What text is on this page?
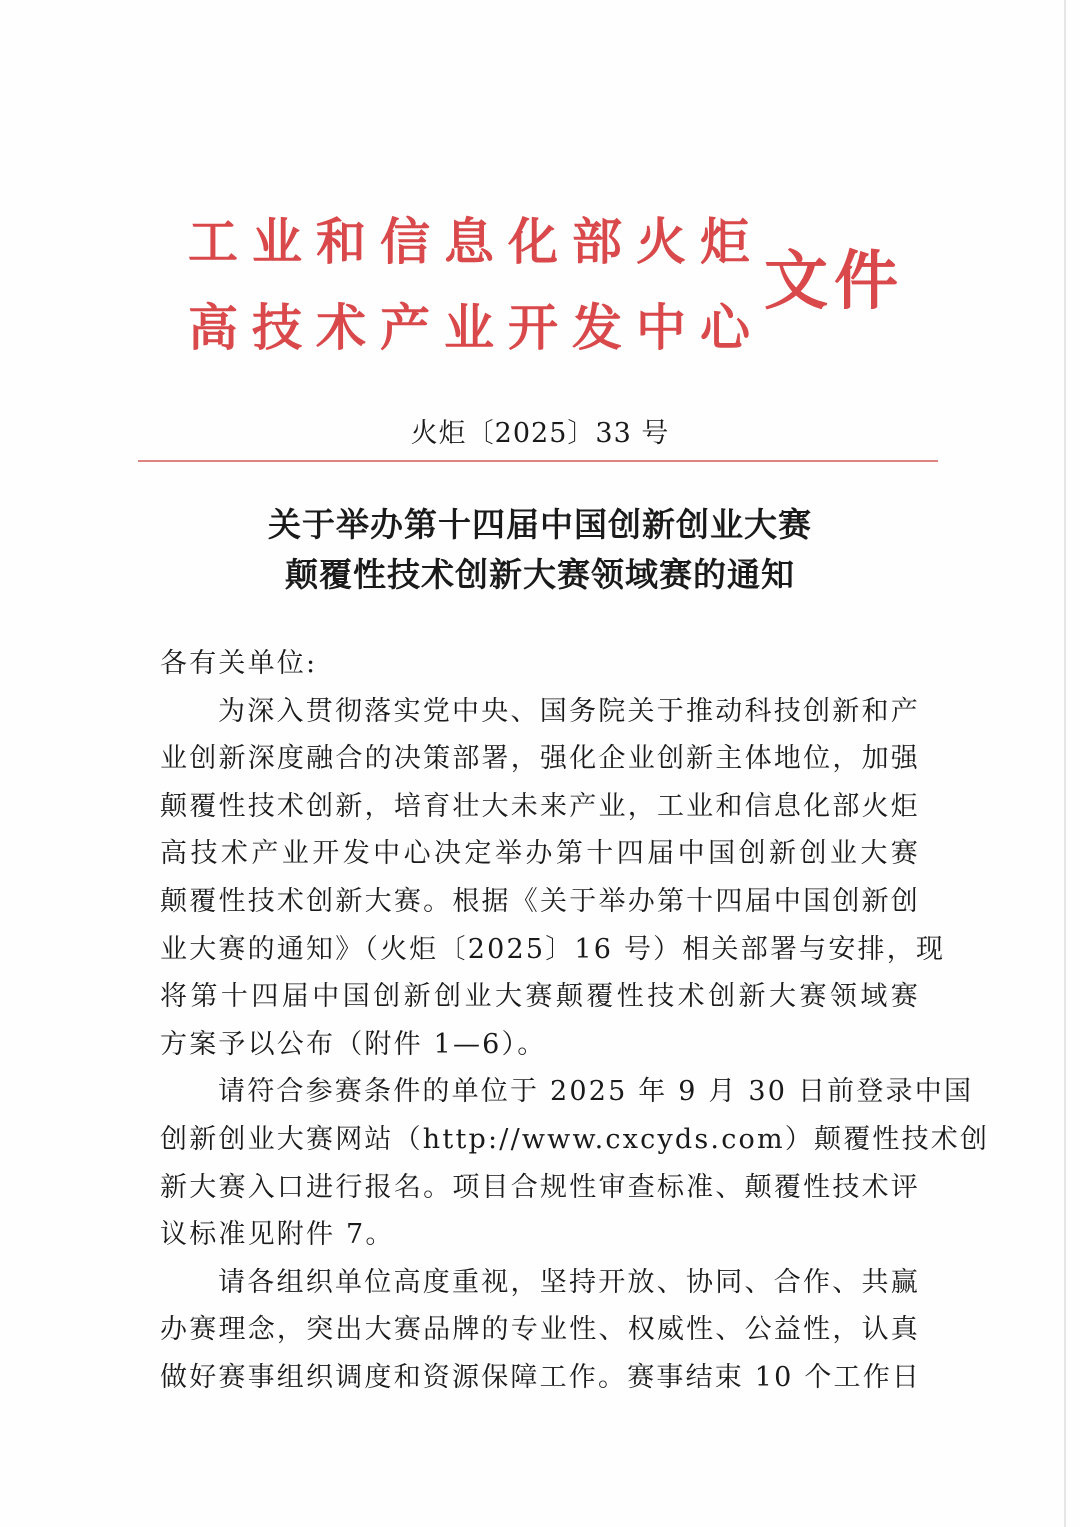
工业和信息化部火炬
高技术产业开发中心
文件
火炬〔2025〕33 号
关于举办第十四届中国创新创业大赛
颠覆性技术创新大赛领域赛的通知
各有关单位:
为深入贯彻落实党中央、国务院关于推动科技创新和产
业创新深度融合的决策部署，强化企业创新主体地位，加强
颠覆性技术创新，培育壮大未来产业，工业和信息化部火炬
高技术产业开发中心决定举办第十四届中国创新创业大赛
颠覆性技术创新大赛。根据《关于举办第十四届中国创新创
业大赛的通知》（火炬〔2025〕16 号）相关部署与安排，现
将第十四届中国创新创业大赛颠覆性技术创新大赛领域赛
方案予以公布（附件 1—6）。
请符合参赛条件的单位于 2025 年 9 月 30 日前登录中国
创新创业大赛网站（http://www.cxcyds.com）颠覆性技术创
新大赛入口进行报名。项目合规性审查标准、颠覆性技术评
议标准见附件 7。
请各组织单位高度重视，坚持开放、协同、合作、共赢
办赛理念，突出大赛品牌的专业性、权威性、公益性，认真
做好赛事组织调度和资源保障工作。赛事结束 10 个工作日
